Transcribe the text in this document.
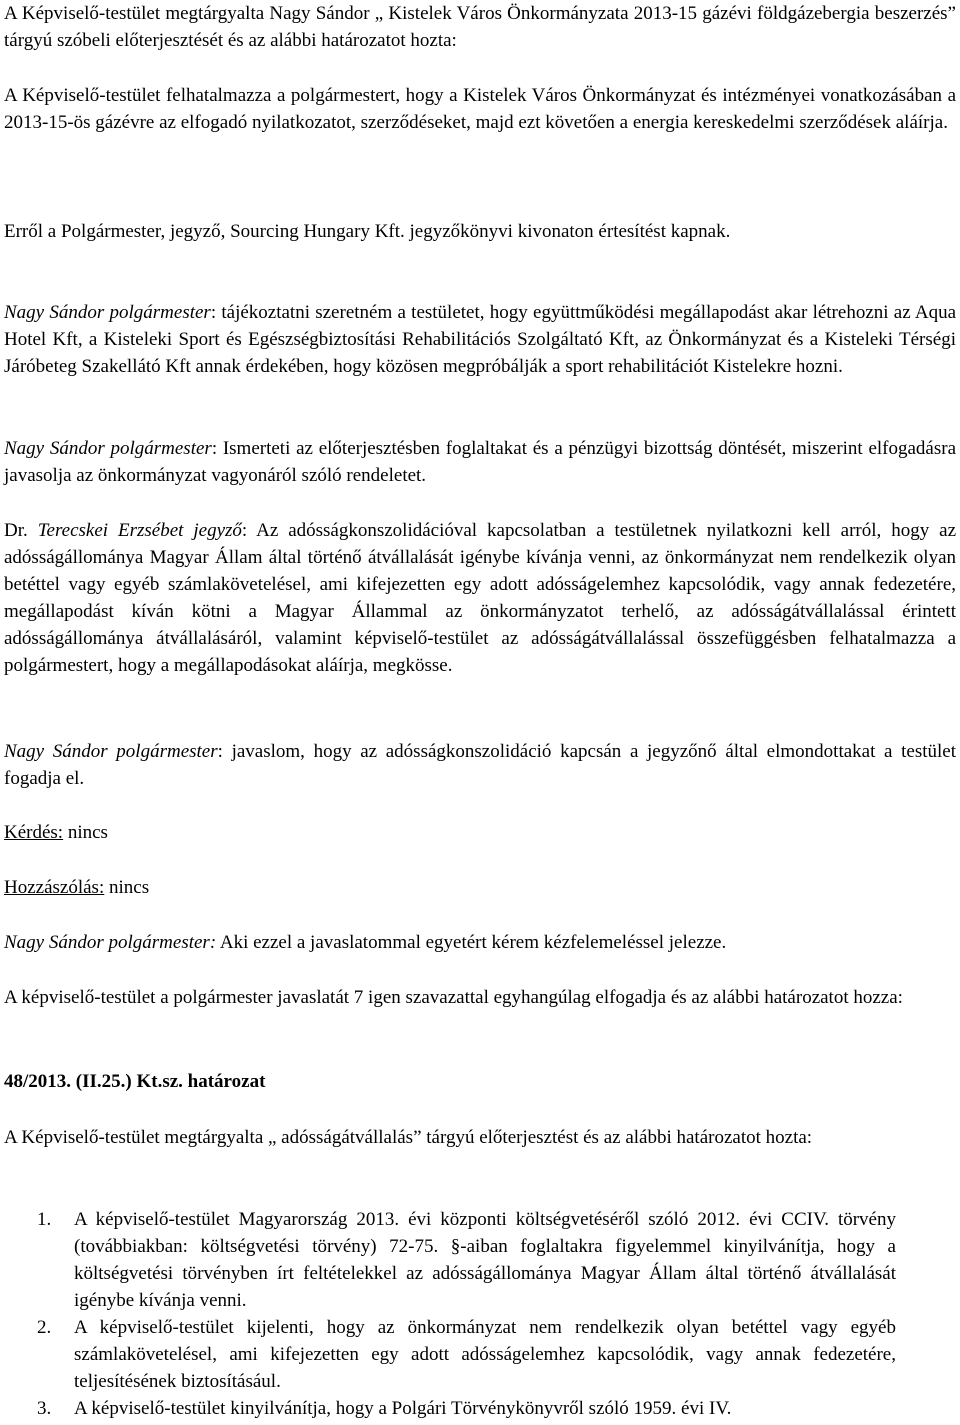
A Képviselő-testület megtárgyalta Nagy Sándor „ Kistelek Város Önkormányzata 2013-15 gázévi földgázebergia beszerzés” tárgyú szóbeli előterjesztését és az alábbi határozatot hozta:

A Képviselő-testület felhatalmazza a polgármestert, hogy a Kistelek Város Önkormányzat és intézményei vonatkozásában a 2013-15-ös gázévre az elfogadó nyilatkozatot, szerződéseket, majd ezt követően a energia kereskedelmi szerződések aláírja.

Erről a Polgármester, jegyző, Sourcing Hungary Kft. jegyzőkönyvi kivonaton értesítést kapnak.

Nagy Sándor polgármester: tájékoztatni szeretném a testületet, hogy együttműködési megállapodást akar létrehozni az Aqua Hotel Kft, a Kisteleki Sport és Egészségbiztosítási Rehabilitációs Szolgáltató Kft, az Önkormányzat és a Kisteleki Térségi Járóbeteg Szakellátó Kft annak érdekében, hogy közösen megpróbálják a sport rehabilitációt Kistelekre hozni.

Nagy Sándor polgármester: Ismerteti az előterjesztésben foglaltakat és a pénzügyi bizottság döntését, miszerint elfogadásra javasolja az önkormányzat vagyonáról szóló rendeletet.

Dr. Terecskei Erzsébet jegyző: Az adósságkonszolidációval kapcsolatban a testületnek nyilatkozni kell arról, hogy az adósságállománya Magyar Állam által történő átvállalását igénybe kívánja venni, az önkormányzat nem rendelkezik olyan betéttel vagy egyéb számlakövetelésel, ami kifejezetten egy adott adósságelemhez kapcsolódik, vagy annak fedezetére, megállapodást kíván kötni a Magyar Állammal az önkormányzatot terhelő, az adósságátvállalással érintett adósságállománya átvállalásáról, valamint képviselő-testület az adósságátvállalással összefüggésben felhatalmazza a polgármestert, hogy a megállapodásokat aláírja, megkösse.

Nagy Sándor polgármester: javaslom, hogy az adósságkonszolidáció kapcsán a jegyzőnő által elmondottakat a testület fogadja el.

Kérdés: nincs

Hozzászólás: nincs

Nagy Sándor polgármester: Aki ezzel a javaslatommal egyetért kérem kézfelemeléssel jelezze.

A képviselő-testület a polgármester javaslatát 7 igen szavazattal egyhangúlag elfogadja és az alábbi határozatot hozza:

48/2013. (II.25.) Kt.sz. határozat

A Képviselő-testület megtárgyalta „ adósságátvállalás” tárgyú előterjesztést és az alábbi határozatot hozta:

1. A képviselő-testület Magyarország 2013. évi központi költségvetéséről szóló 2012. évi CCIV. törvény (továbbiakban: költségvetési törvény) 72-75. §-aiban foglaltakra figyelemmel kinyilvánítja, hogy a költségvetési törvényben írt feltételekkel az adósságállománya Magyar Állam által történő átvállalását igénybe kívánja venni.
2. A képviselő-testület kijelenti, hogy az önkormányzat nem rendelkezik olyan betéttel vagy egyéb számlakövetelésel, ami kifejezetten egy adott adósságelemhez kapcsolódik, vagy annak fedezetére, teljesítésének biztosításául.
3. A képviselő-testület kinyilvánítja, hogy a Polgári Törvénykönyvről szóló 1959. évi IV.
